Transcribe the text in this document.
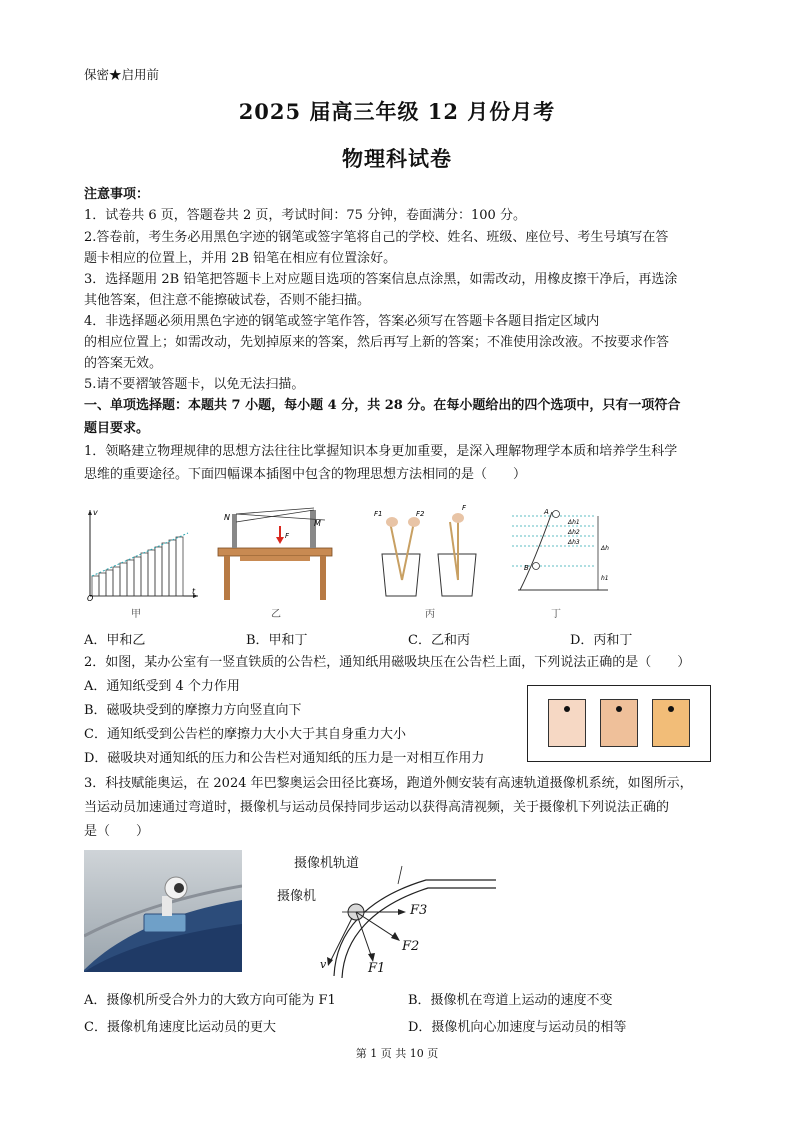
保密★启用前
2025 届高三年级 12 月份月考
物理科试卷
注意事项：
1．试卷共 6 页，答题卷共 2 页，考试时间：75 分钟，卷面满分：100 分。
2.答卷前，考生务必用黑色字迹的钢笔或签字笔将自己的学校、姓名、班级、座位号、考生号填写在答
题卡相应的位置上，并用 2B 铅笔在相应有位置涂好。
3．选择题用 2B 铅笔把答题卡上对应题目选项的答案信息点涂黑，如需改动，用橡皮擦干净后，再选涂
其他答案，但注意不能擦破试卷，否则不能扫描。
4．非选择题必须用黑色字迹的钢笔或签字笔作答，答案必须写在答题卡各题目指定区域内
的相应位置上；如需改动，先划掉原来的答案，然后再写上新的答案；不准使用涂改液。不按要求作答
的答案无效。
5.请不要褶皱答题卡，以免无法扫描。
一、单项选择题：本题共 7 小题，每小题 4 分，共 28 分。在每小题给出的四个选项中，只有一项符合
题目要求。
1．领略建立物理规律的思想方法往往比掌握知识本身更加重要，是深入理解物理学本质和培养学生科学
思维的重要途径。下面四幅课本插图中包含的物理思想方法相同的是（　　）
O
v
t
甲
N
M
F
乙
F1	F2
F
丙
A
B
Δh1
Δh2
Δh3
Δh
h1
丁
A．甲和乙	B．甲和丁	C．乙和丙	D．丙和丁
2．如图，某办公室有一竖直铁质的公告栏，通知纸用磁吸块压在公告栏上面，下列说法正确的是（　　）
A．通知纸受到 4 个力作用
B．磁吸块受到的摩擦力方向竖直向下
C．通知纸受到公告栏的摩擦力大小大于其自身重力大小
D．磁吸块对通知纸的压力和公告栏对通知纸的压力是一对相互作用力
3．科技赋能奥运，在 2024 年巴黎奥运会田径比赛场，跑道外侧安装有高速轨道摄像机系统，如图所示，
当运动员加速通过弯道时，摄像机与运动员保持同步运动以获得高清视频，关于摄像机下列说法正确的
是（　　）
摄像机轨道
摄像机
F3
F2
F1
v
A．摄像机所受合外力的大致方向可能为 F1	B．摄像机在弯道上运动的速度不变
C．摄像机角速度比运动员的更大	D．摄像机向心加速度与运动员的相等
第 1 页 共 10 页
